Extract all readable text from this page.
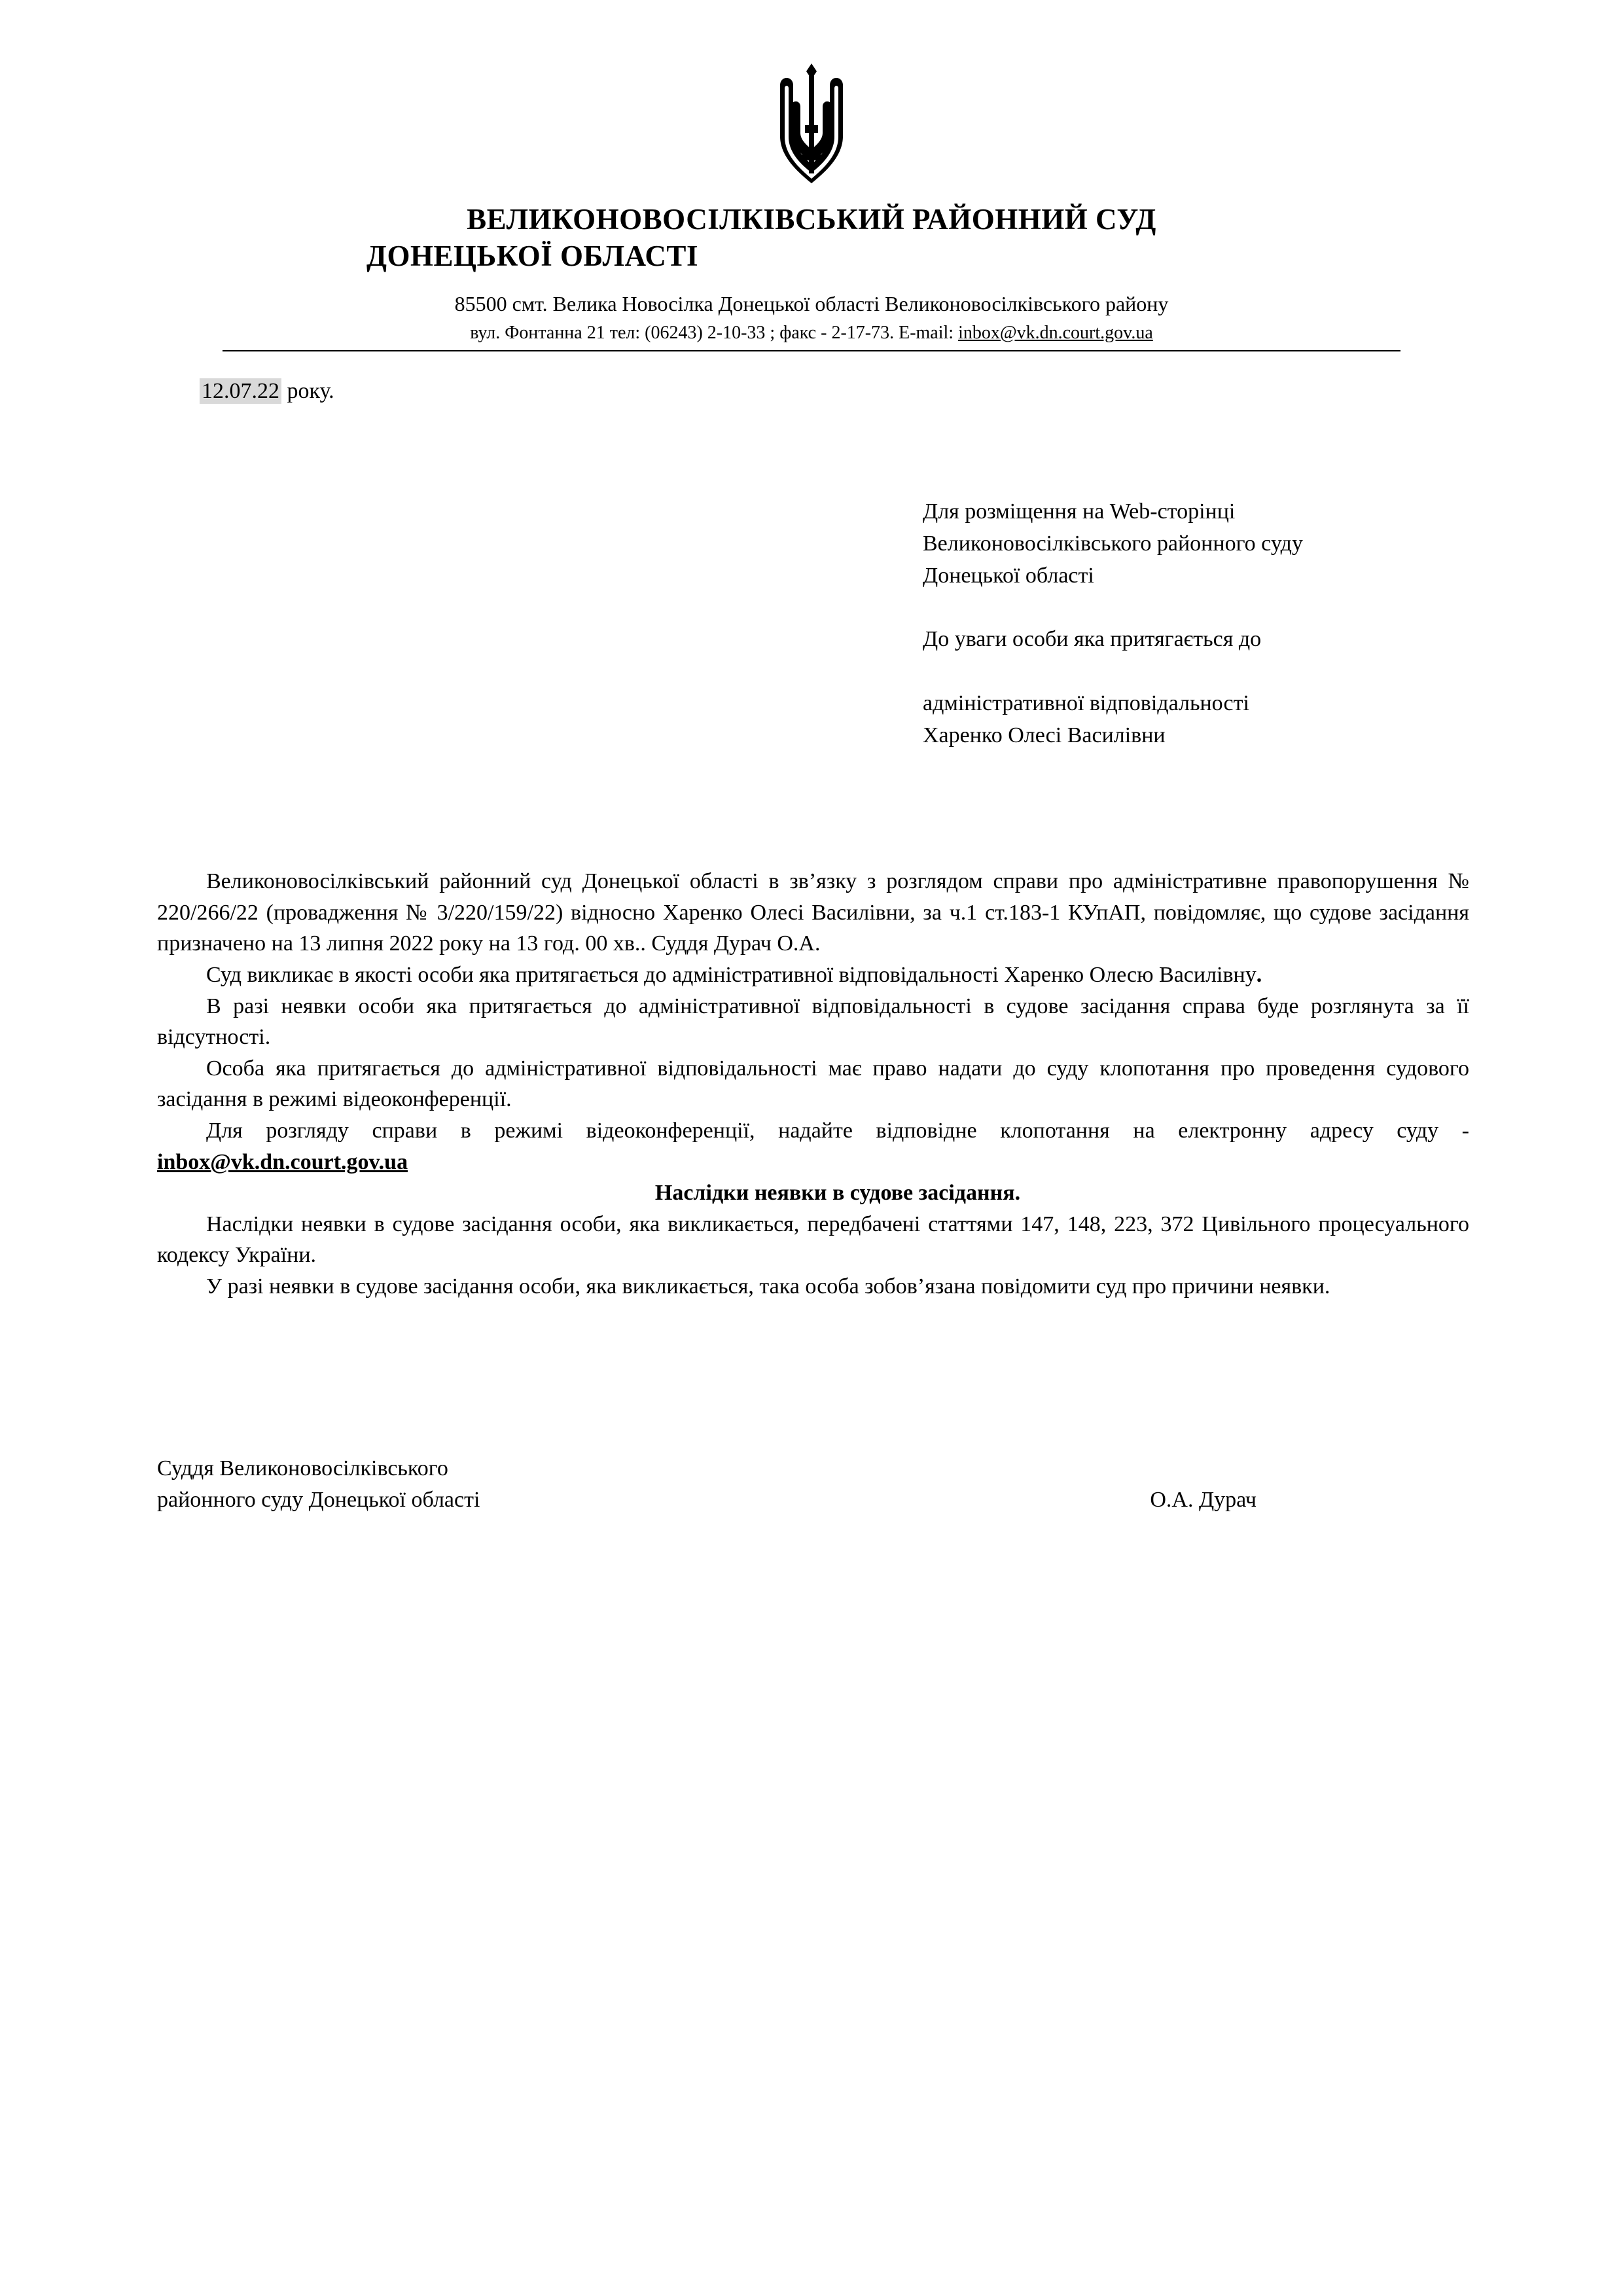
ВЕЛИКОНОВОСІЛКІВСЬКИЙ РАЙОННИЙ СУД
ДОНЕЦЬКОЇ ОБЛАСТІ
85500 смт. Велика Новосілка Донецької області Великоновосілківського району
вул. Фонтанна 21 тел: (06243) 2-10-33 ; факс - 2-17-73. E-mail: inbox@vk.dn.court.gov.ua
12.07.22 року.
Для розміщення на Web-сторінці
Великоновосілківського районного суду
Донецької області
До уваги особи яка притягається до
адміністративної відповідальності
Харенко Олесі Василівни

Великоновосілківський районний суд Донецької області в зв’язку з розглядом справи про адміністративне правопорушення № 220/266/22 (провадження № 3/220/159/22) відносно Харенко Олесі Василівни, за ч.1 ст.183-1 КУпАП, повідомляє, що судове засідання призначено на 13 липня 2022 року на 13 год. 00 хв.. Суддя Дурач О.А.

Суд викликає в якості особи яка притягається до адміністративної відповідальності Харенко Олесю Василівну.

В разі неявки особи яка притягається до адміністративної відповідальності в судове засідання справа буде розглянута за її відсутності.

Особа яка притягається до адміністративної відповідальності має право надати до суду клопотання про проведення судового засідання в режимі відеоконференції.

Для розгляду справи в режимі відеоконференції, надайте відповідне клопотання на електронну адресу суду - inbox@vk.dn.court.gov.ua

Наслідки неявки в судове засідання.

Наслідки неявки в судове засідання особи, яка викликається, передбачені статтями 147, 148, 223, 372 Цивільного процесуального кодексу України.

У разі неявки в судове засідання особи, яка викликається, така особа зобов’язана повідомити суд про причини неявки.

Суддя Великоновосілківського
районного суду Донецької області	О.А. Дурач
